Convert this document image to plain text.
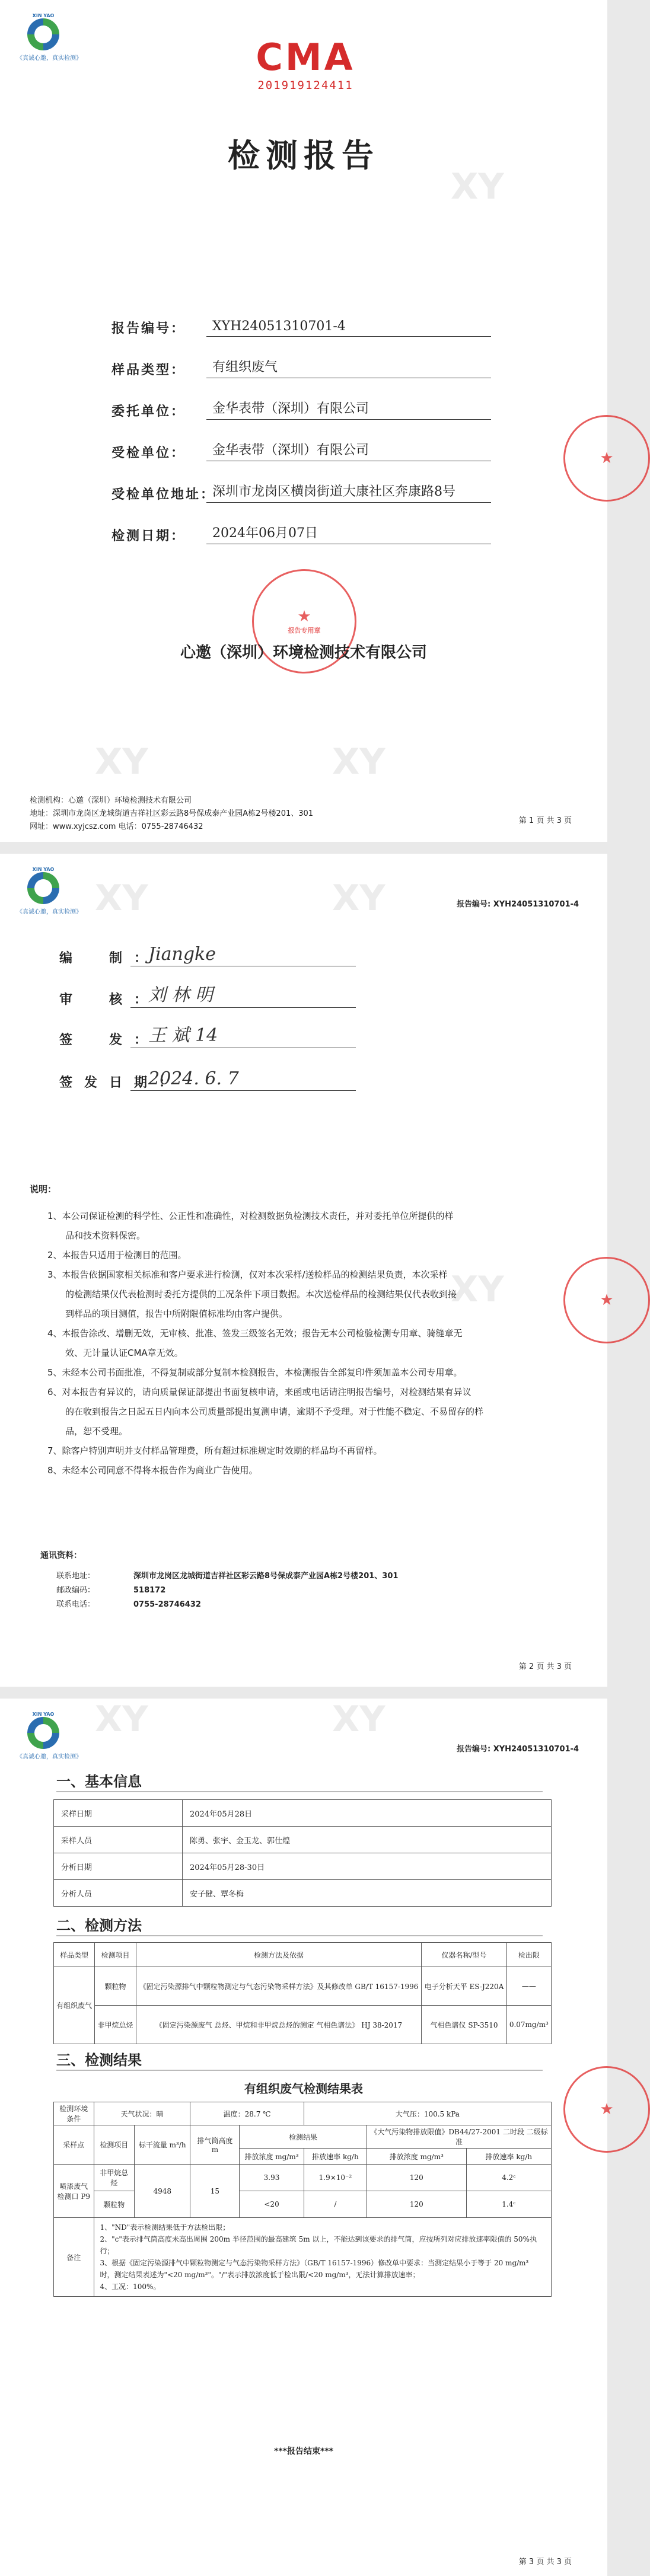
XY	XY
XY
XIN YAO
《真诚心邀，真实检测》	CMA
201919124411
检测报告
报告编号：	XYH24051310701-4
样品类型：	有组织废气
委托单位：	金华表带（深圳）有限公司
受检单位：	金华表带（深圳）有限公司
受检单位地址：
深圳市龙岗区横岗街道大康社区奔康路8号
检测日期：	2024年06月07日
★
报告专用章
★
心邀（深圳）环境检测技术有限公司
检测机构：心邀（深圳）环境检测技术有限公司
地址：深圳市龙岗区龙城街道吉祥社区彩云路8号保成泰产业园A栋2号楼201、301
网址：www.xyjcsz.com 电话：0755-28746432
第 1 页 共 3 页
XY	XY
XY
XIN YAO
《真诚心邀，真实检测》
报告编号: XYH24051310701-4
★
说明：
1、本公司保证检测的科学性、公正性和准确性，对检测数据负检测技术责任，并对委托单位所提供的样
　　品和技术资料保密。
2、本报告只适用于检测目的范围。
3、本报告依据国家相关标准和客户要求进行检测，仅对本次采样/送检样品的检测结果负责，本次采样
　　的检测结果仅代表检测时委托方提供的工况条件下项目数据。本次送检样品的检测结果仅代表收到接
　　到样品的项目测值，报告中所附限值标准均由客户提供。
4、本报告涂改、增删无效，无审核、批准、签发三级签名无效；报告无本公司检验检测专用章、骑缝章无
　　效、无计量认证CMA章无效。
5、未经本公司书面批准，不得复制或部分复制本检测报告，本检测报告全部复印件须加盖本公司专用章。
6、对本报告有异议的，请向质量保证部提出书面复核申请，来函或电话请注明报告编号，对检测结果有异议
　　的在收到报告之日起五日内向本公司质量部提出复测申请，逾期不予受理。对于性能不稳定、不易留存的样
　　品，恕不受理。
7、除客户特别声明并支付样品管理费，所有超过标准规定时效期的样品均不再留样。
8、未经本公司同意不得将本报告作为商业广告使用。
通讯资料：
联系地址：	深圳市龙岗区龙城街道吉祥社区彩云路8号保成泰产业园A栋2号楼201、301
邮政编码：	518172
联系电话：	0755-28746432
第 2 页 共 3 页
编　制：
Jiangke
审　核：
刘 林 明
签　发：
王 斌 14
签发日期：
2024. 6. 7
XY	XY
XIN YAO
《真诚心邀，真实检测》
报告编号: XYH24051310701-4
★
一、基本信息
采样日期	2024年05月28日
采样人员	陈勇、张宇、金玉龙、郭仕煌
分析日期	2024年05月28-30日
分析人员	安子健、覃冬梅
二、检测方法
样品类型	检测项目	检测方法及依据	仪器名称/型号	检出限
有组织废气	颗粒物	《固定污染源排气中颗粒物测定与气态污染物采样方法》及其修改单 GB/T 16157-1996	电子分析天平 ES-J220A	——
	非甲烷总烃	《固定污染源废气 总烃、甲烷和非甲烷总烃的测定 气相色谱法》 HJ 38-2017	气相色谱仪 SP-3510	0.07mg/m³
三、检测结果
有组织废气检测结果表
检测环境条件	天气状况：晴		温度：28.7 ℃		大气压：100.5 kPa		
采样点	检测项目	标干流量 m³/h	排气筒高度 m	检测结果		《大气污染物排放限值》DB44/27-2001 二时段 二级标准	
				排放浓度 mg/m³	排放速率 kg/h	排放浓度 mg/m³	排放速率 kg/h
喷漆废气检测口 P9	非甲烷总烃	4948	15	3.93	1.9×10⁻²	120	4.2ᶜ
	颗粒物			<20	/	120	1.4ᶜ
备注	1、"ND"表示检测结果低于方法检出限；
2、"c"表示排气筒高度未高出周围 200m 半径范围的最高建筑 5m 以上，不能达到该要求的排气筒，应按所列对应排放速率限值的 50%执行；
3、根据《固定污染源排气中颗粒物测定与气态污染物采样方法》（GB/T 16157-1996）修改单中要求：当测定结果小于等于 20 mg/m³ 时，测定结果表述为"<20 mg/m³"。"/"表示排放浓度低于检出限/<20 mg/m³，无法计算排放速率；
4、工况：100%。						
***报告结束***
第 3 页 共 3 页
